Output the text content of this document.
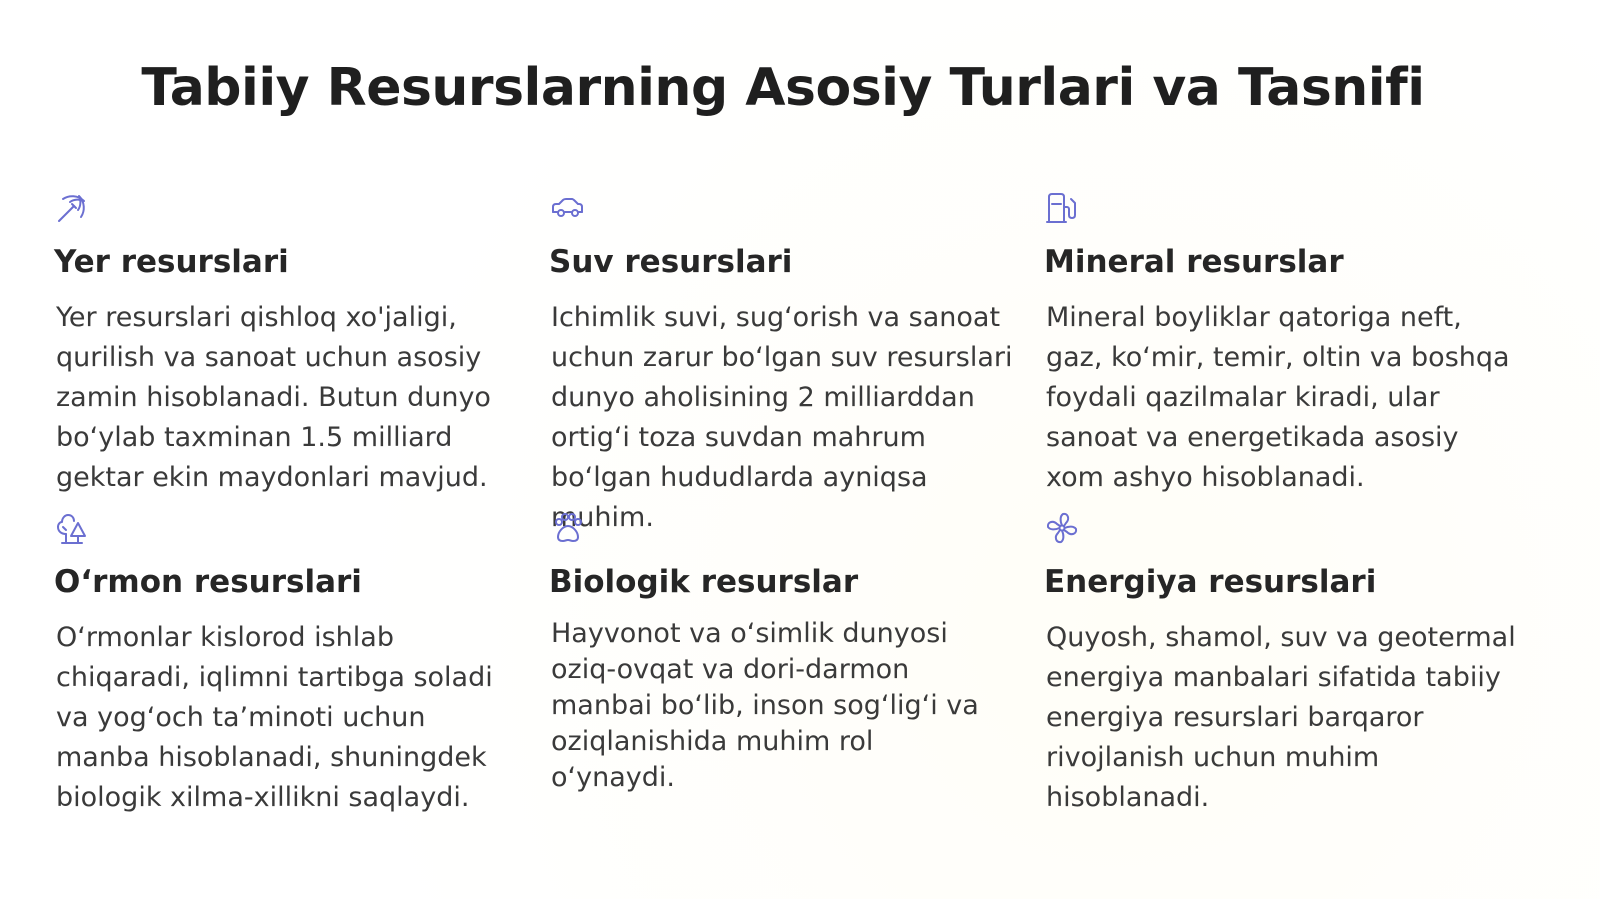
Tabiiy Resurslarning Asosiy Turlari va Tasnifi
Yer resurslari

Yer resurslari qishloq xo'jaligi, qurilish va sanoat uchun asosiy zamin hisoblanadi. Butun dunyo bo‘ylab taxminan 1.5 milliard gektar ekin maydonlari mavjud.

Suv resurslari

Ichimlik suvi, sug‘orish va sanoat uchun zarur bo‘lgan suv resurslari dunyo aholisining 2 milliarddan ortig‘i toza suvdan mahrum bo‘lgan hududlarda ayniqsa muhim.

Mineral resurslar

Mineral boyliklar qatoriga neft, gaz, ko‘mir, temir, oltin va boshqa foydali qazilmalar kiradi, ular sanoat va energetikada asosiy xom ashyo hisoblanadi.

O‘rmon resurslari

O‘rmonlar kislorod ishlab chiqaradi, iqlimni tartibga soladi va yog‘och ta’minoti uchun manba hisoblanadi, shuningdek biologik xilma-xillikni saqlaydi.

Biologik resurslar

Hayvonot va o‘simlik dunyosi oziq-ovqat va dori-darmon manbai bo‘lib, inson sog‘lig‘i va oziqlanishida muhim rol o‘ynaydi.

Energiya resurslari

Quyosh, shamol, suv va geotermal energiya manbalari sifatida tabiiy energiya resurslari barqaror rivojlanish uchun muhim hisoblanadi.
